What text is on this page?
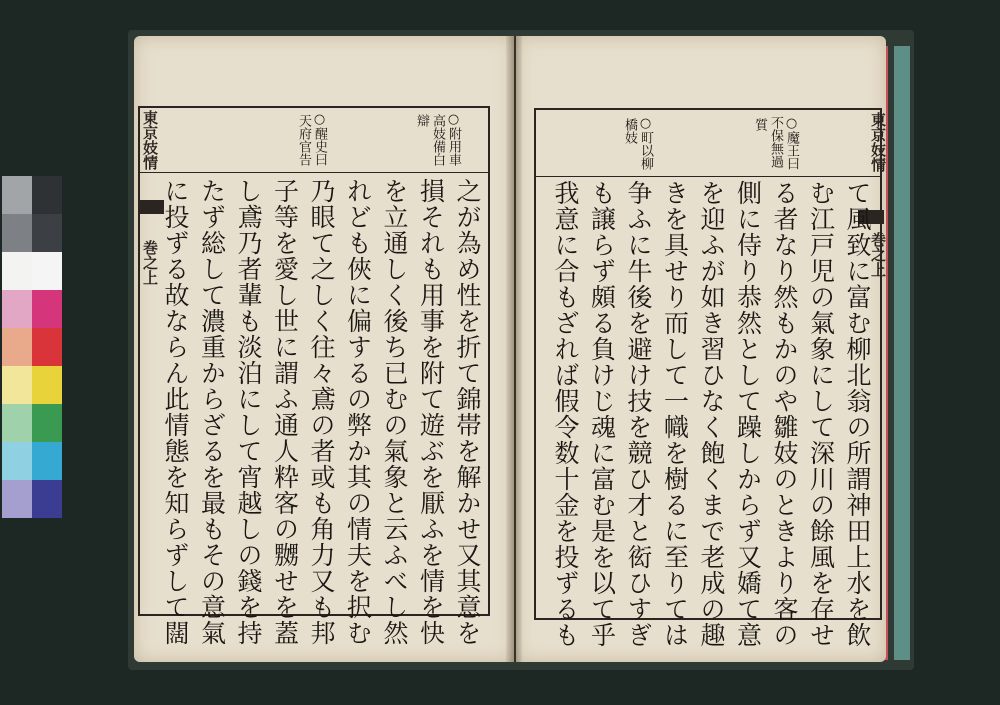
東京妓情
巻之上
○附用車
高妓備白
辯
○醒史曰
天府官告
之が為め性を折て錦帯を解かせ又其意を
損それも用事を附て遊ぶを厭ふを情を快
を立通しく後ち已むの氣象と云ふべし然
れども俠に偏するの弊か其の情夫を択む
乃眼て之しく往々鳶の者或も角力又も邦
子等を愛し世に謂ふ通人粋客の嬲せを蓋
し鳶乃者輩も淡泊にして宵越しの錢を持
たず総して濃重からざるを最もその意氣
に投ずる故ならん此情態を知らずして闊
東京妓情
巻之上
○魔王曰
不保無過
質
○町以柳
橋妓
て風致に富む柳北翁の所謂神田上水を飲
む江戸児の氣象にして深川の餘風を存せ
る者なり然もかのや雛妓のときより客の
側に侍り恭然として躁しからず又嬌て意
を迎ふが如き習ひなく飽くまで老成の趣
きを具せり而して一幟を樹るに至りては
争ふに牛後を避け技を競ひ才と衒ひすぎ
も譲らず頗る負けじ魂に富む是を以て乎
我意に合もざれば假令数十金を投ずるも
